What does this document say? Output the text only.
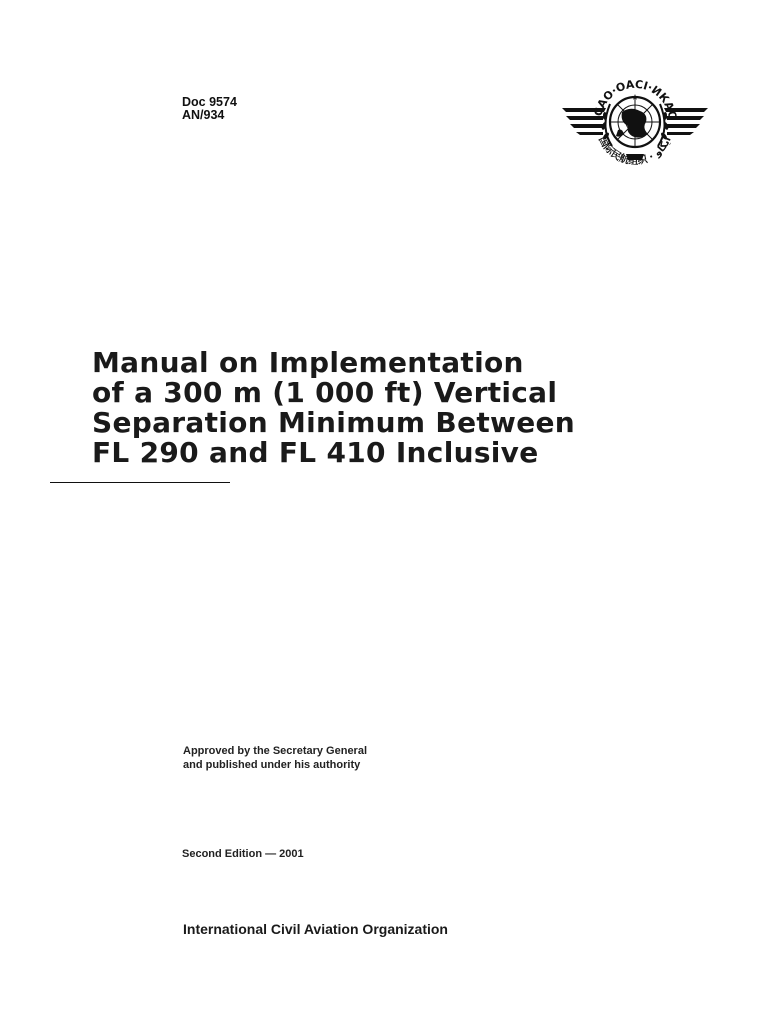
Doc 9574
AN/934	ICAO·OACI·ИКАО
国际民航组织 · ايكاو
Manual on Implementation
of a 300 m (1 000 ft) Vertical
Separation Minimum Between
FL 290 and FL 410 Inclusive
Approved by the Secretary General
and published under his authority
Second Edition — 2001
International Civil Aviation Organization
